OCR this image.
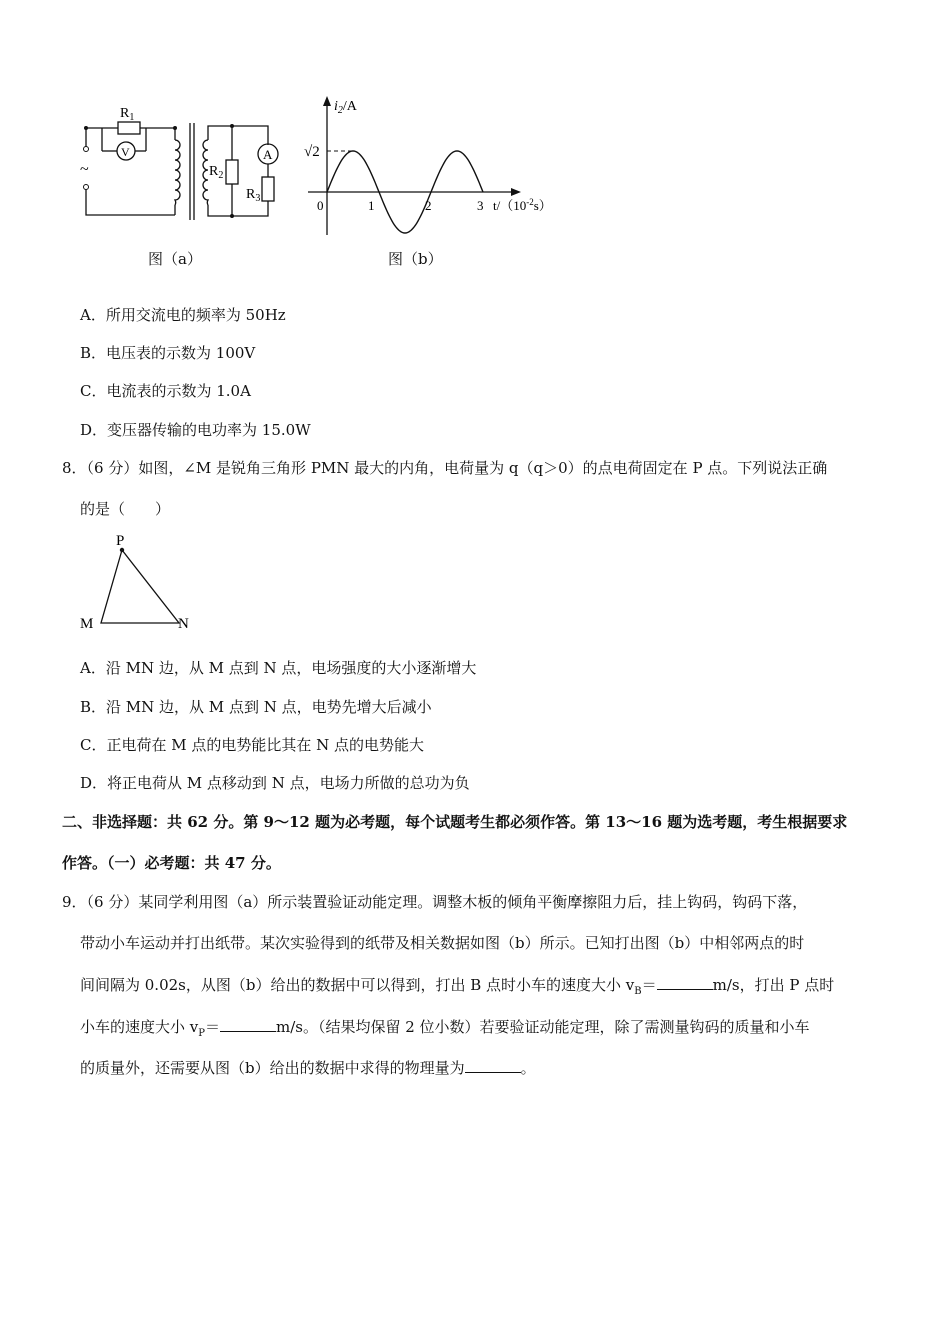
~
$R_1$
V
$R_2$
A
$R_3$
图（a）
$i_2/A$
√2
0	1	2	3 $t/(10^{-2}s)$
图（b）
A．所用交流电的频率为 50Hz
B．电压表的示数为 100V
C．电流表的示数为 1.0A
D．变压器传输的电功率为 15.0W
8．（6 分）如图，∠M 是锐角三角形 PMN 最大的内角，电荷量为 q（q＞0）的点电荷固定在 P 点。下列说法正确
的是（　　）
P
M	N
A．沿 MN 边，从 M 点到 N 点，电场强度的大小逐渐增大
B．沿 MN 边，从 M 点到 N 点，电势先增大后减小
C．正电荷在 M 点的电势能比其在 N 点的电势能大
D．将正电荷从 M 点移动到 N 点，电场力所做的总功为负
二、非选择题：共 62 分。第 9～12 题为必考题，每个试题考生都必须作答。第 13～16 题为选考题，考生根据要求
作答。（一）必考题：共 47 分。
9．（6 分）某同学利用图（a）所示装置验证动能定理。调整木板的倾角平衡摩擦阻力后，挂上钩码，钩码下落，
带动小车运动并打出纸带。某次实验得到的纸带及相关数据如图（b）所示。已知打出图（b）中相邻两点的时
间间隔为 0.02s，从图（b）给出的数据中可以得到，打出 B 点时小车的速度大小 $v_B=$	m/s，打出 P 点时
小车的速度大小 $v_P=$	m/s。（结果均保留 2 位小数）若要验证动能定理，除了需测量钩码的质量和小车
的质量外，还需要从图（b）给出的数据中求得的物理量为	。
